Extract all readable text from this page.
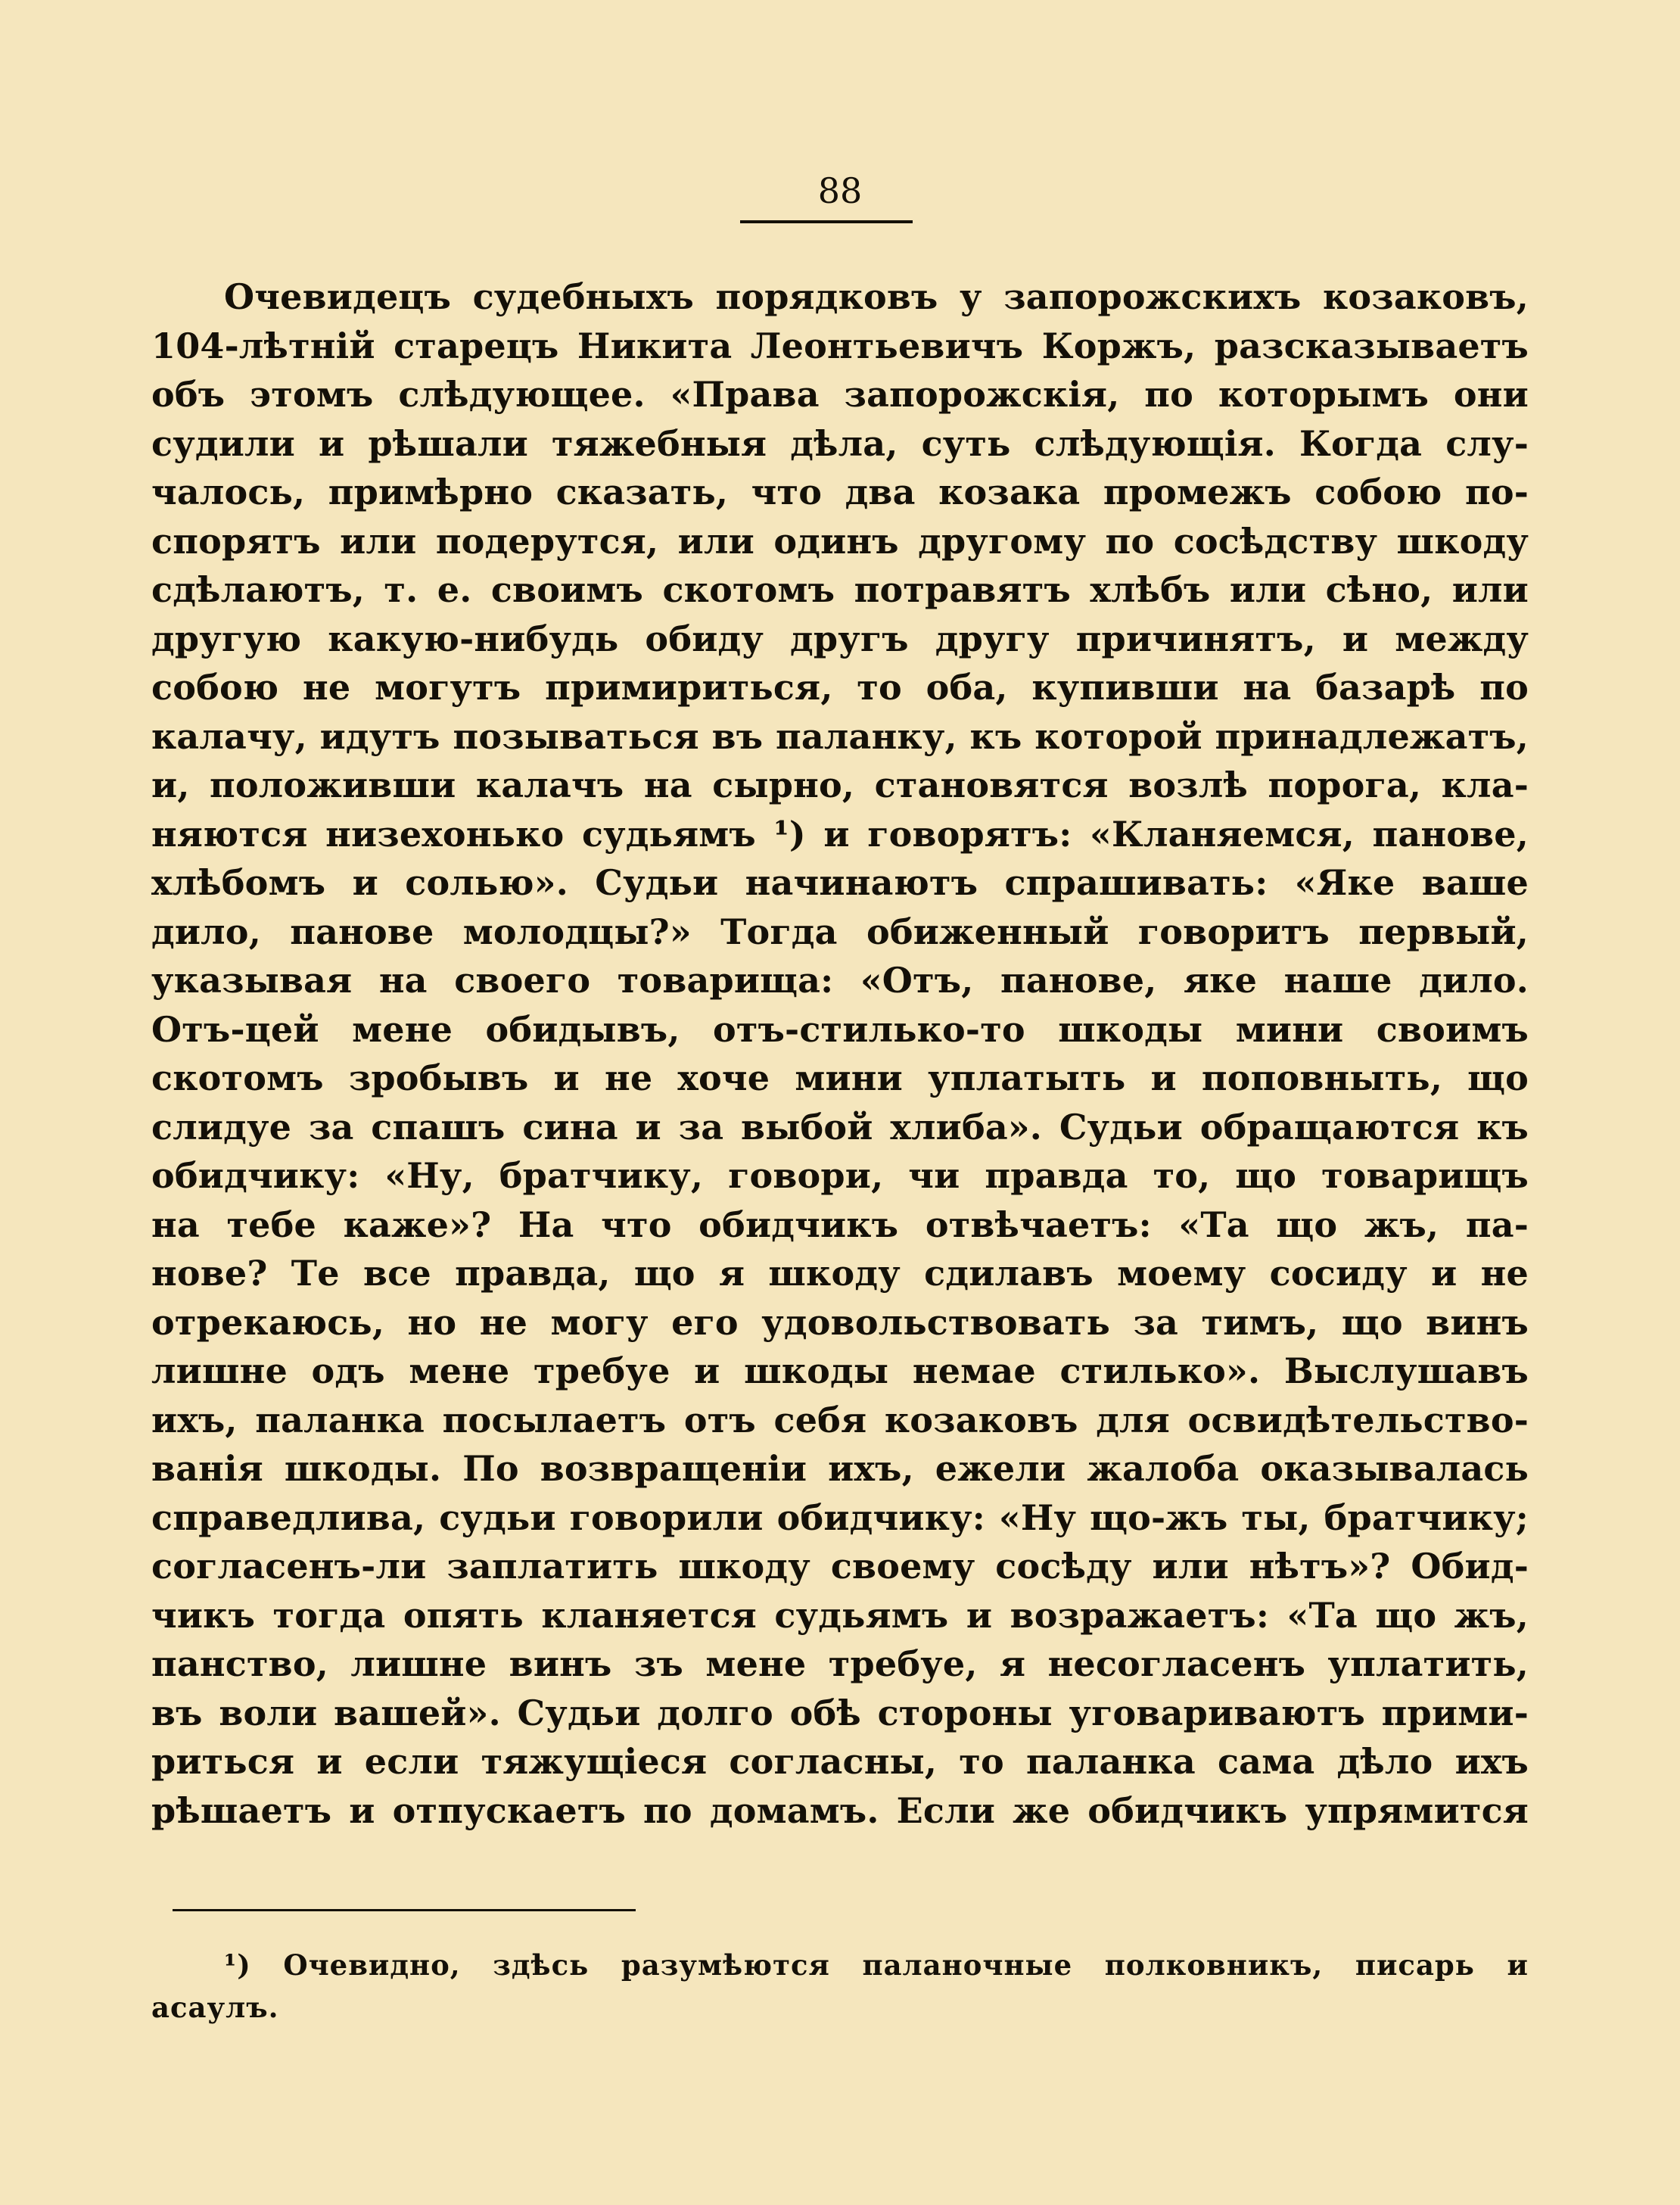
88
Очевидецъ судебныхъ порядковъ у запорожскихъ козаковъ,
104-лѣтній старецъ Никита Леонтьевичъ Коржъ, разсказываетъ
объ этомъ слѣдующее. «Права запорожскія, по которымъ они
судили и рѣшали тяжебныя дѣла, суть слѣдующія. Когда слу-
чалось, примѣрно сказать, что два козака промежъ собою по-
спорятъ или подерутся, или одинъ другому по сосѣдству шкоду
сдѣлаютъ, т. е. своимъ скотомъ потравятъ хлѣбъ или сѣно, или
другую какую-нибудь обиду другъ другу причинятъ, и между
собою не могутъ примириться, то оба, купивши на базарѣ по
калачу, идутъ позываться въ паланку, къ которой принадлежатъ,
и, положивши калачъ на сырно, становятся возлѣ порога, кла-
няются низехонько судьямъ ¹) и говорятъ: «Кланяемся, панове,
хлѣбомъ и солью». Судьи начинаютъ спрашивать: «Яке ваше
дило, панове молодцы?» Тогда обиженный говоритъ первый,
указывая на своего товарища: «Отъ, панове, яке наше дило.
Отъ-цей мене обидывъ, отъ-стилько-то шкоды мини своимъ
скотомъ зробывъ и не хоче мини уплатыть и поповныть, що
слидуе за спашъ сина и за выбой хлиба». Судьи обращаются къ
обидчику: «Ну, братчику, говори, чи правда то, що товарищъ
на тебе каже»? На что обидчикъ отвѣчаетъ: «Та що жъ, па-
нове? Те все правда, що я шкоду сдилавъ моему сосиду и не
отрекаюсь, но не могу его удовольствовать за тимъ, що винъ
лишне одъ мене требуе и шкоды немае стилько». Выслушавъ
ихъ, паланка посылаетъ отъ себя козаковъ для освидѣтельство-
ванія шкоды. По возвращеніи ихъ, ежели жалоба оказывалась
справедлива, судьи говорили обидчику: «Ну що-жъ ты, братчику;
согласенъ-ли заплатить шкоду своему сосѣду или нѣтъ»? Обид-
чикъ тогда опять кланяется судьямъ и возражаетъ: «Та що жъ,
панство, лишне винъ зъ мене требуе, я несогласенъ уплатить,
въ воли вашей». Судьи долго обѣ стороны уговариваютъ прими-
риться и если тяжущіеся согласны, то паланка сама дѣло ихъ
рѣшаетъ и отпускаетъ по домамъ. Если же обидчикъ упрямится
¹) Очевидно, здѣсь разумѣются паланочные полковникъ, писарь и
асаулъ.
